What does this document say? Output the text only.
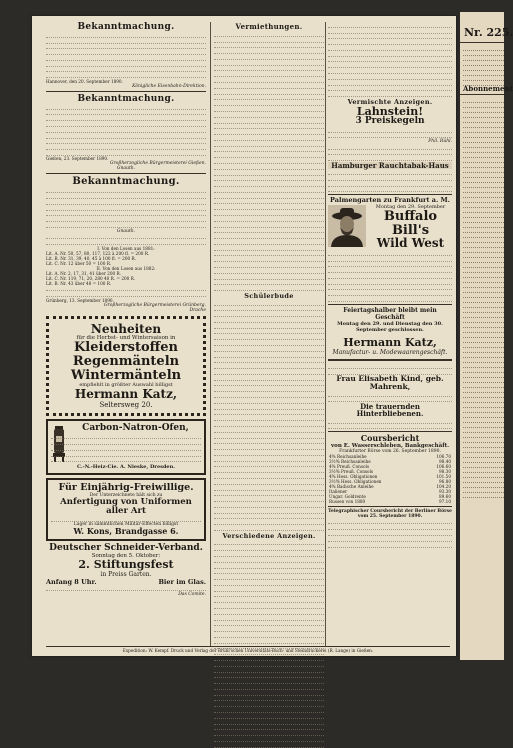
Bekanntmachung.
Hannover, den 20. September 1890.
Königliche Eisenbahn-Direktion.
Bekanntmachung.
Gießen, 23. September 1890.
Großherzogliche Bürgermeisterei Gießen.
Gnauth.
Bekanntmachung.
Gnauth.
I. Von den Losen aus 1881:
Lit. A. Nr. 50, 57, 80, 117, 122 à 200 fl. = 200 R.
Lit. B. Nr. 31, 39, 40, 45 à 100 fl. = 200 R.
Lit. C. Nr. 12 über 50 = 100 R.
II. Von den Losen aus 1882:
Lit. A. Nr. 2, 17, 31, 41 über 200 R.
Lit. C. Nr. 119, 71, 20, 280 40 R. = 200 R.
Lit. B. Nr. 43 über 48 = 100 R.
Grünberg, 13. September 1890.
Großherzogliche Bürgermeisterei Grünberg.
Drache
Neuheiten
für die Herbst- und Wintersaison in
Kleiderstoffen
Regenmänteln
Wintermänteln
empfiehlt in größter Auswahl billigst
Hermann Katz,
Seltersweg 20.
Carbon-Natron-Ofen,
C.-N.-Heiz-Cie. A. Nieske, Dresden.
Für Einjährig-Freiwillige.
Der Unterzeichnete hält sich zu
Anfertigung von Uniformen aller Art
Lager in sämmtlichen Militär-Effecten billigst
W. Kons, Brandgasse 6.
Deutscher Schneider-Verband.
Sonntag den 5. Oktober:
2. Stiftungsfest
in Preiss Garten.
Anfang 8 Uhr.	Bier im Glas.
Das Comite.
Vermiethungen.
Schülerbude
Verschiedene Anzeigen.
Vermischte Anzeigen.
Lahnstein!
3 Preiskegeln
Phil. Rühl.
Hamburger Rauchtabak-Haus
Palmengarten zu Frankfurt a. M.
Montag den 29. September
Buffalo Bill's
Wild West
Feiertagshalber bleibt mein Geschäft
Montag den 29. und Dienstag den 30. September geschlossen.
Hermann Katz,
Manufactur- u. Modewaarengeschäft.
Frau Elisabeth Kind, geb. Mahrenk,
Die trauernden Hinterbliebenen.
Coursbericht
von E. Wasserschleben, Bankgeschäft.
Frankfurter Börse vom 26. September 1890.
4% Reichsanleihe	106.70
3½% Reichsanleihe	98.40
4% Preuß. Consols	106.60
3½% Preuß. Consols	98.30
4% Hess. Obligationen	101.50
3½% Hess. Obligationen	96.80
4% Badische Anleihe	104.20
Italiener	93.30
Ungar. Goldrente	89.60
Russen von 1880	97.10
Telegraphischer Coursbericht der Berliner Börse vom 25. September 1890.
Expedition: W. Kempf. Druck und Verlag der Brühl'schen Universitäts-Buch- und Steindruckerei (R. Lange) in Gießen.
Nr. 225.
Abonnement
